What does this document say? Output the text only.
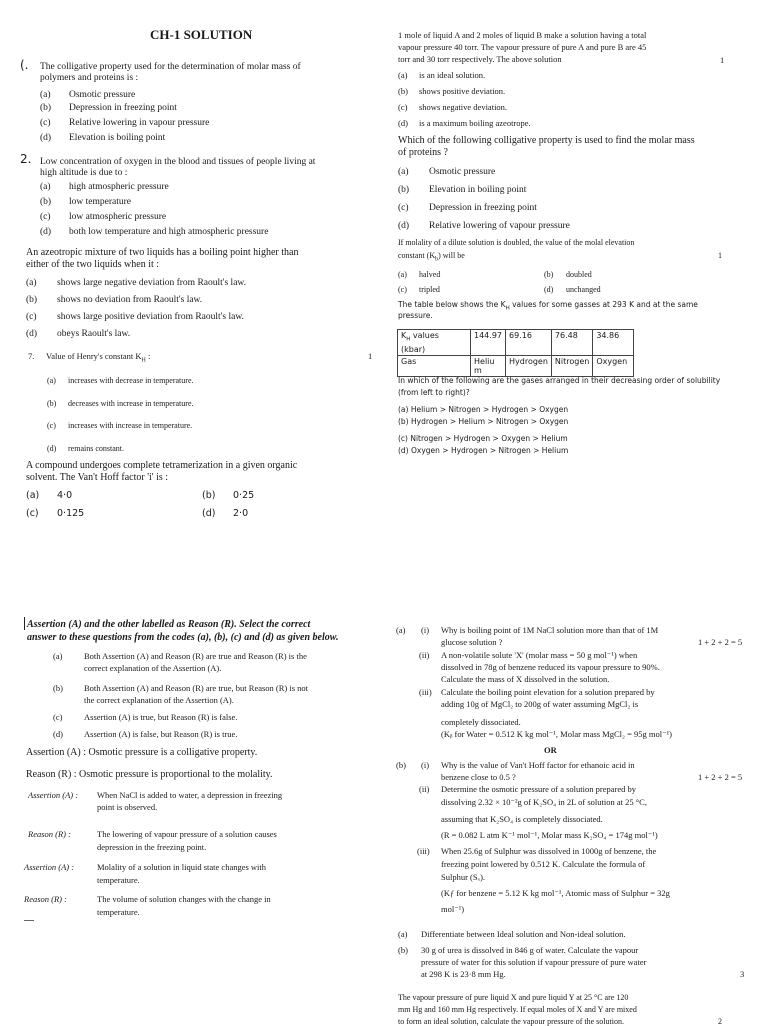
CH-1 SOLUTION
(. The colligative property used for the determination of molar mass of
polymers and proteins is :
(a) Osmotic pressure
(b) Depression in freezing point
(c) Relative lowering in vapour pressure
(d) Elevation is boiling point
2. Low concentration of oxygen in the blood and tissues of people living at
high altitude is due to :
(a) high atmospheric pressure
(b) low temperature
(c) low atmospheric pressure
(d) both low temperature and high atmospheric pressure
An azeotropic mixture of two liquids has a boiling point higher than
either of the two liquids when it :
(a) shows large negative deviation from Raoult's law.
(b) shows no deviation from Raoult's law.
(c) shows large positive deviation from Raoult's law.
(d) obeys Raoult's law.
7. Value of Henry's constant $K_H$ :	1
(a) increases with decrease in temperature.
(b) decreases with increase in temperature.
(c) increases with increase in temperature.
(d) remains constant.
A compound undergoes complete tetramerization in a given organic
solvent. The Van't Hoff factor 'i' is :
(a) 4·0	(b) 0·25
(c) 0·125	(d) 2·0
1 mole of liquid A and 2 moles of liquid B make a solution having a total
vapour pressure 40 torr. The vapour pressure of pure A and pure B are 45
torr and 30 torr respectively. The above solution	1
(a) is an ideal solution.
(b) shows positive deviation.
(c) shows negative deviation.
(d) is a maximum boiling azeotrope.
Which of the following colligative property is used to find the molar mass
of proteins ?
(a) Osmotic pressure
(b) Elevation in boiling point
(c) Depression in freezing point
(d) Relative lowering of vapour pressure
If molality of a dilute solution is doubled, the value of the molal elevation
constant $(K_b)$ will be	1
(a) halved	(b) doubled
(c) tripled	(d) unchanged
The table below shows the $K_H$ values for some gasses at 293 K and at the same
pressure.
$K_H$ values
(kbar)	144.97	69.16	76.48	34.86
Gas	Heliu m	Hydrogen	Nitrogen	Oxygen
In which of the following are the gases arranged in their decreasing order of solubility
(from left to right)?
(a) Helium > Nitrogen > Hydrogen > Oxygen
(b) Hydrogen > Helium > Nitrogen > Oxygen
(c) Nitrogen > Hydrogen > Oxygen > Helium
(d) Oxygen > Hydrogen > Nitrogen > Helium
Assertion (A) and the other labelled as Reason (R). Select the correct
answer to these questions from the codes (a), (b), (c) and (d) as given below.
(a)	Both Assertion (A) and Reason (R) are true and Reason (R) is the
correct explanation of the Assertion (A).
(b) Both Assertion (A) and Reason (R) are true, but Reason (R) is not
the correct explanation of the Assertion (A).
(c)	Assertion (A) is true, but Reason (R) is false.
(d) Assertion (A) is false, but Reason (R) is true.
Assertion (A) : Osmotic pressure is a colligative property.
Reason (R) : Osmotic pressure is proportional to the molality.
Assertion (A) : When NaCl is added to water, a depression in freezing
point is observed.
Reason (R) :	The lowering of vapour pressure of a solution causes
depression in the freezing point.
Assertion (A) :	Molality of a solution in liquid state changes with
temperature.
Reason (R) :	The volume of solution changes with the change in
temperature.
(a) (i) Why is boiling point of 1M NaCl solution more than that of 1M
glucose solution ?	1 + 2 + 2 = 5
(ii) A non-volatile solute 'X' (molar mass = 50 g mol⁻¹) when
dissolved in 78g of benzene reduced its vapour pressure to 90%.
Calculate the mass of X dissolved in the solution.
(iii) Calculate the boiling point elevation for a solution prepared by
adding 10g of MgCl₂ to 200g of water assuming MgCl₂ is
completely dissociated.
(Kᵦ for Water = 0.512 K kg mol⁻¹, Molar mass MgCl₂ = 95g mol⁻¹)
OR
(b) (i) Why is the value of Van't Hoff factor for ethanoic acid in
benzene close to 0.5 ?	1 + 2 + 2 = 5
(ii) Determine the osmotic pressure of a solution prepared by
dissolving 2.32 × 10⁻²g of K₂SO₄ in 2L of solution at 25 °C,
assuming that K₂SO₄ is completely dissociated.
(R = 0.082 L atm K⁻¹ mol⁻¹, Molar mass K₂SO₄ = 174g mol⁻¹)
(iii) When 25.6g of Sulphur was dissolved in 1000g of benzene, the
freezing point lowered by 0.512 K. Calculate the formula of
Sulphur (Sₓ).
(Kƒ for benzene = 5.12 K kg mol⁻¹, Atomic mass of Sulphur = 32g
mol⁻¹)
(a) Differentiate between Ideal solution and Non-ideal solution.
(b) 30 g of urea is dissolved in 846 g of water. Calculate the vapour
pressure of water for this solution if vapour pressure of pure water
at 298 K is 23·8 mm Hg.	3
The vapour pressure of pure liquid X and pure liquid Y at 25 °C are 120
mm Hg and 160 mm Hg respectively. If equal moles of X and Y are mixed
to form an ideal solution, calculate the vapour pressure of the solution.	2
